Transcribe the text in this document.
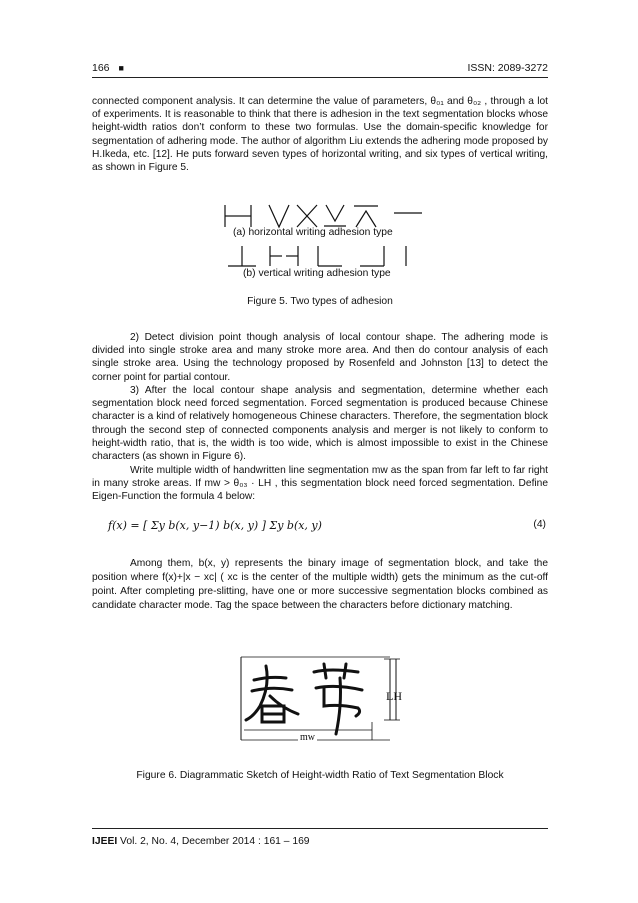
166 ■	ISSN: 2089-3272
connected component analysis. It can determine the value of parameters, θ₀₁ and θ₀₂ , through a lot of experiments. It is reasonable to think that there is adhesion in the text segmentation blocks whose height-width ratios don’t conform to these two formulas. Use the domain-specific knowledge for segmentation of adhering mode. The author of algorithm Liu extends the adhering mode proposed by H.Ikeda, etc. [12]. He puts forward seven types of horizontal writing, and six types of vertical writing, as shown in Figure 5.
(a) horizontal writing adhesion type
(b) vertical writing adhesion type
Figure 5. Two types of adhesion
2) Detect division point though analysis of local contour shape. The adhering mode is divided into single stroke area and many stroke more area. And then do contour analysis of each single stroke area. Using the technology proposed by Rosenfeld and Johnston [13] to detect the corner point for partial contour.
3) After the local contour shape analysis and segmentation, determine whether each segmentation block need forced segmentation. Forced segmentation is produced because Chinese character is a kind of relatively homogeneous Chinese characters. Therefore, the segmentation block through the second step of connected components analysis and merger is not likely to conform to height-width ratio, that is, the width is too wide, which is almost impossible to exist in the Chinese characters (as shown in Figure 6).
Write multiple width of handwritten line segmentation mw as the span from far left to far right in many stroke areas. If mw > θ₀₃ · LH , this segmentation block need forced segmentation. Define Eigen-Function the formula 4 below:
f(x) = [ Σy b(x, y−1) b(x, y) ] Σy b(x, y)	(4)
Among them, b(x, y) represents the binary image of segmentation block, and take the position where f(x)+|x − xc| ( xc is the center of the multiple width) gets the minimum as the cut-off point. After completing pre-slitting, have one or more successive segmentation blocks combined as candidate character mode. Tag the space between the characters before dictionary matching.
LH
mw
Figure 6. Diagrammatic Sketch of Height-width Ratio of Text Segmentation Block
IJEEI Vol. 2, No. 4, December 2014 : 161 – 169
